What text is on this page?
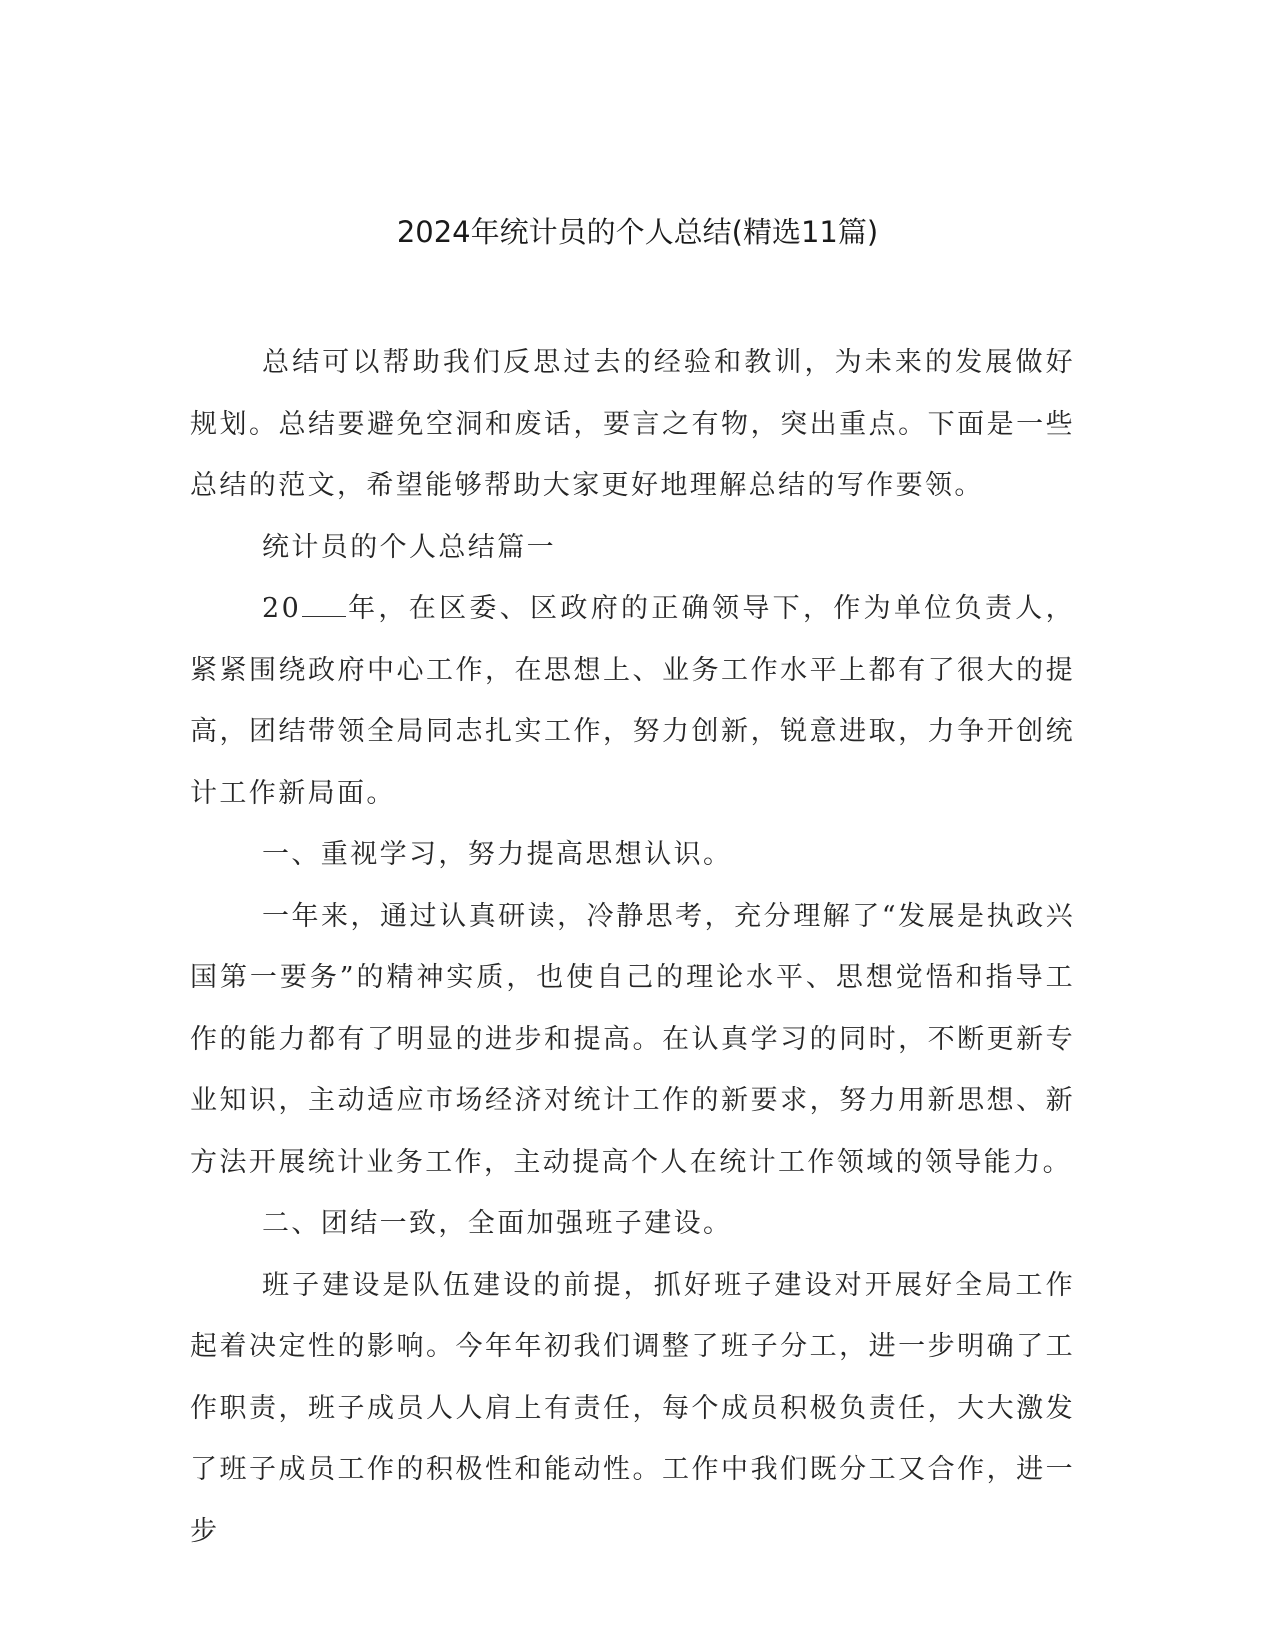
2024年统计员的个人总结(精选11篇)

总结可以帮助我们反思过去的经验和教训，为未来的发展做好规划。总结要避免空洞和废话，要言之有物，突出重点。下面是一些总结的范文，希望能够帮助大家更好地理解总结的写作要领。

统计员的个人总结篇一

20 年，在区委、区政府的正确领导下，作为单位负责人，紧紧围绕政府中心工作，在思想上、业务工作水平上都有了很大的提高，团结带领全局同志扎实工作，努力创新，锐意进取，力争开创统计工作新局面。

一、重视学习，努力提高思想认识。

一年来，通过认真研读，冷静思考，充分理解了“发展是执政兴国第一要务”的精神实质，也使自己的理论水平、思想觉悟和指导工作的能力都有了明显的进步和提高。在认真学习的同时，不断更新专业知识，主动适应市场经济对统计工作的新要求，努力用新思想、新方法开展统计业务工作，主动提高个人在统计工作领域的领导能力。

二、团结一致，全面加强班子建设。

班子建设是队伍建设的前提，抓好班子建设对开展好全局工作起着决定性的影响。今年年初我们调整了班子分工，进一步明确了工作职责，班子成员人人肩上有责任，每个成员积极负责任，大大激发了班子成员工作的积极性和能动性。工作中我们既分工又合作，进一步
